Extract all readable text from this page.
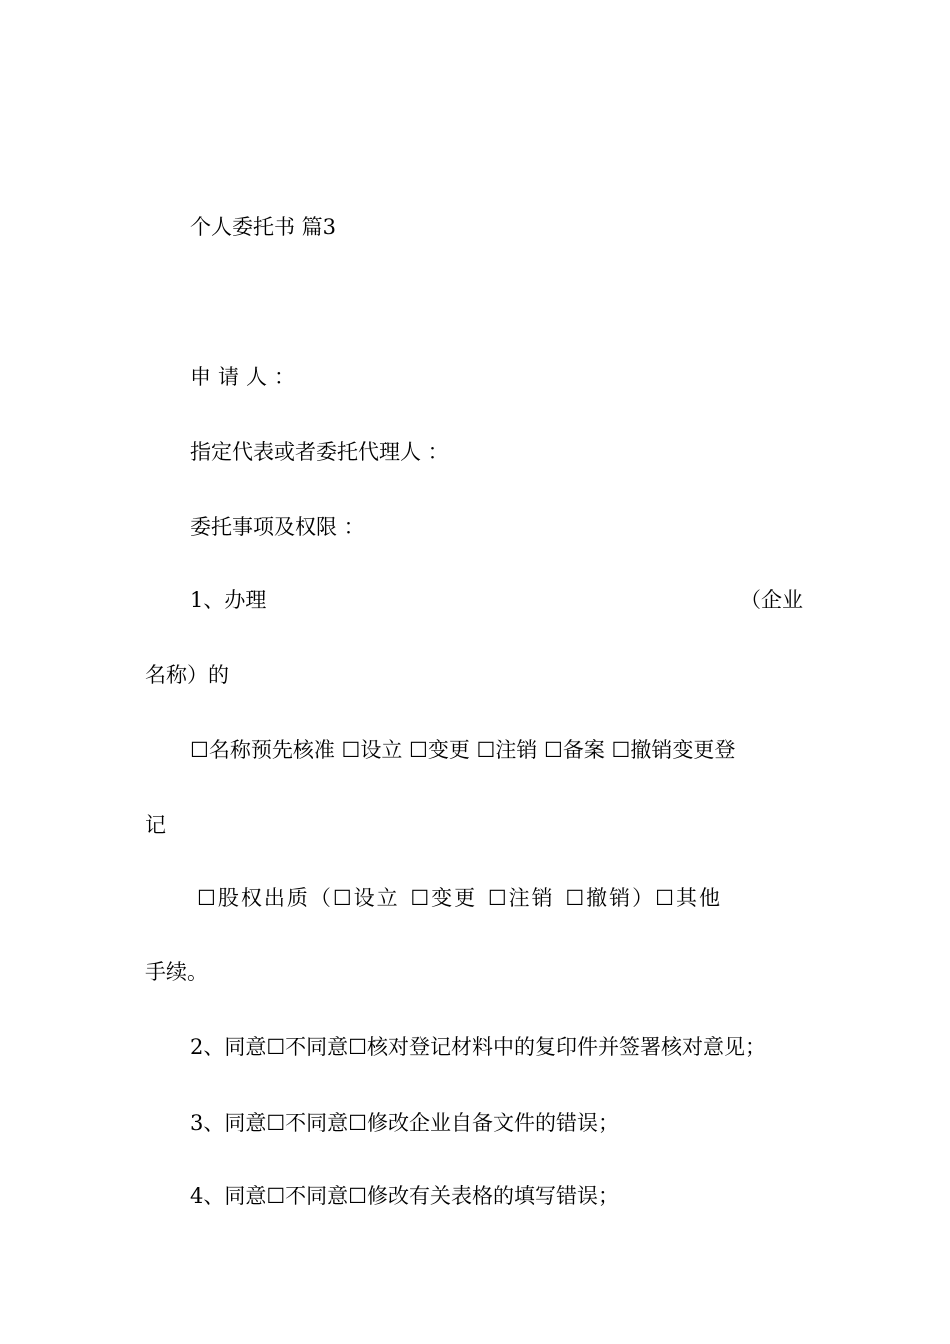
个人委托书 篇3

申请人：

指定代表或者委托代理人 ：

委托事项及权限 ：

1、办理	（企业

名称）的

☐名称预先核准 ☐设立 ☐变更 ☐注销 ☐备案 ☐撤销变更登

记

☐股权出质（☐设立 ☐变更 ☐注销 ☐撤销）☐其他

手续。

2、同意☐不同意☐核对登记材料中的复印件并签署核对意见；

3、同意☐不同意☐修改企业自备文件的错误；

4、同意☐不同意☐修改有关表格的填写错误；
